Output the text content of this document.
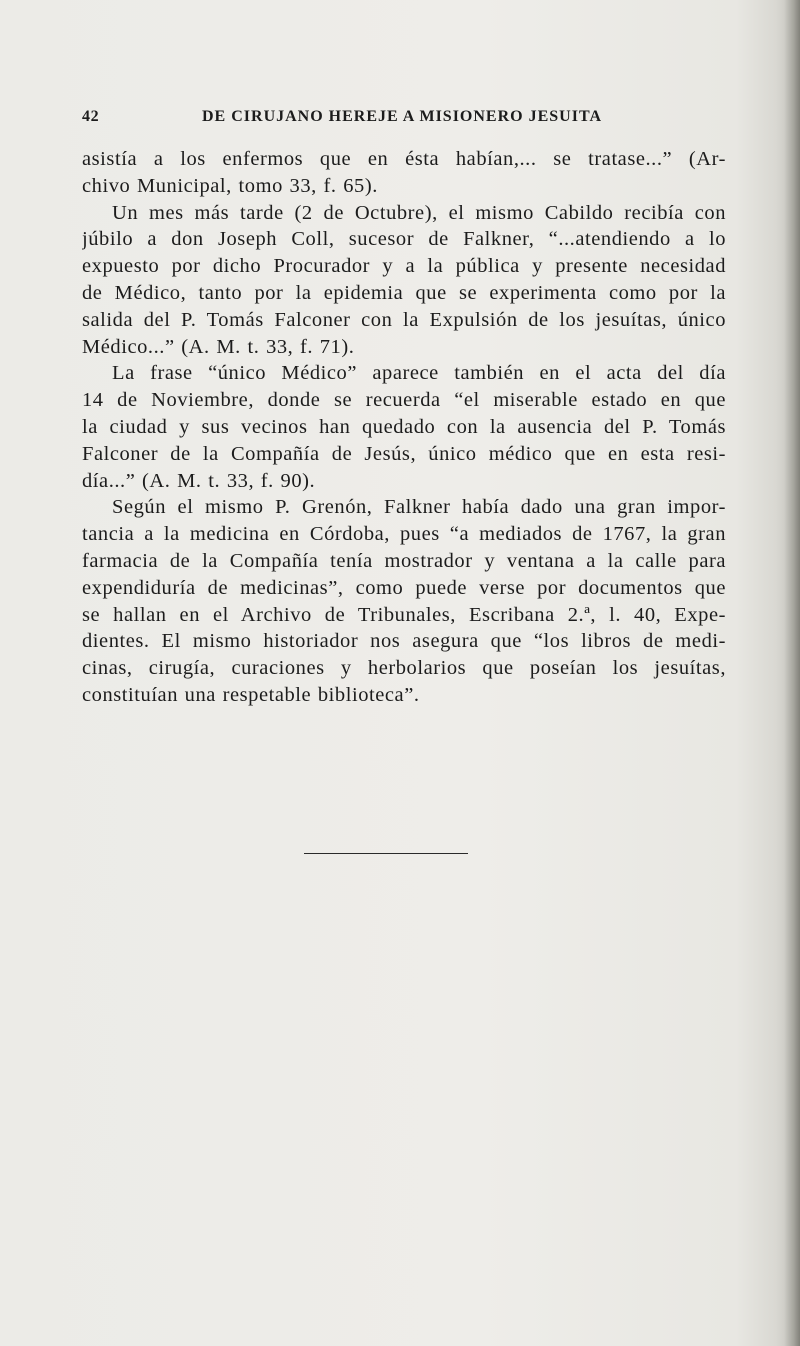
42	DE CIRUJANO HEREJE A MISIONERO JESUITA
asistía a los enfermos que en ésta habían,... se tratase...” (Ar-
chivo Municipal, tomo 33, f. 65).
Un mes más tarde (2 de Octubre), el mismo Cabildo recibía con
júbilo a don Joseph Coll, sucesor de Falkner, “...atendiendo a lo
expuesto por dicho Procurador y a la pública y presente necesidad
de Médico, tanto por la epidemia que se experimenta como por la
salida del P. Tomás Falconer con la Expulsión de los jesuítas, único
Médico...” (A. M. t. 33, f. 71).
La frase “único Médico” aparece también en el acta del día
14 de Noviembre, donde se recuerda “el miserable estado en que
la ciudad y sus vecinos han quedado con la ausencia del P. Tomás
Falconer de la Compañía de Jesús, único médico que en esta resi-
día...” (A. M. t. 33, f. 90).
Según el mismo P. Grenón, Falkner había dado una gran impor-
tancia a la medicina en Córdoba, pues “a mediados de 1767, la gran
farmacia de la Compañía tenía mostrador y ventana a la calle para
expendiduría de medicinas”, como puede verse por documentos que
se hallan en el Archivo de Tribunales, Escribana 2.ª, l. 40, Expe-
dientes. El mismo historiador nos asegura que “los libros de medi-
cinas, cirugía, curaciones y herbolarios que poseían los jesuítas,
constituían una respetable biblioteca”.
